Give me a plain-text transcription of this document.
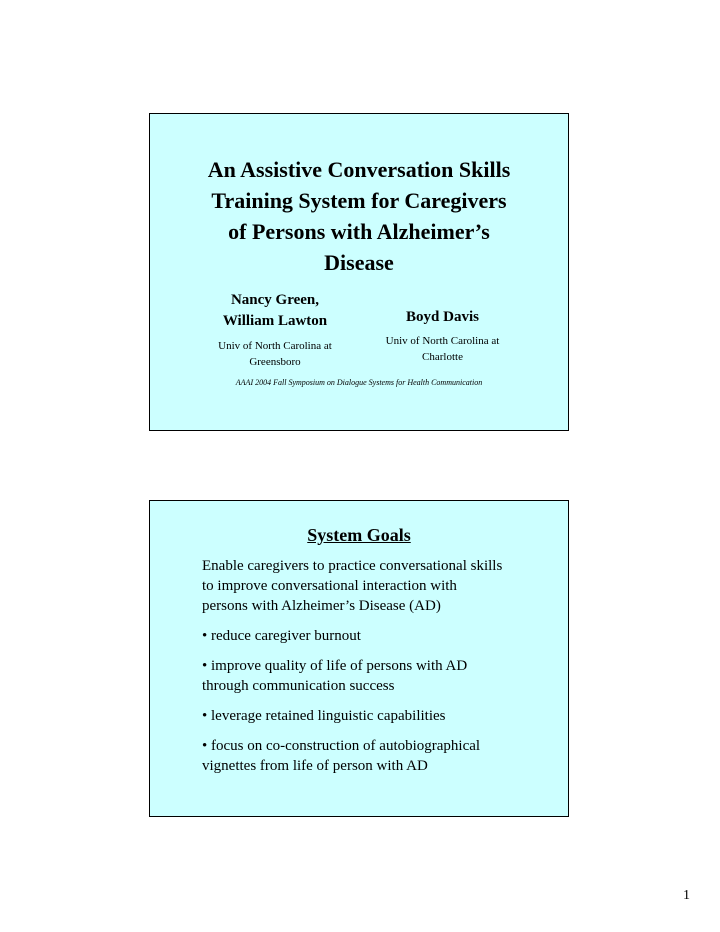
An Assistive Conversation Skills
Training System for Caregivers
of Persons with Alzheimer’s
Disease
Nancy Green,
William Lawton
Univ of North Carolina at
Greensboro
Boyd Davis
Univ of North Carolina at
Charlotte
AAAI 2004 Fall Symposium on Dialogue Systems for Health Communication
System Goals

Enable caregivers to practice conversational skills
to improve conversational interaction with
persons with Alzheimer’s Disease (AD)

• reduce caregiver burnout

• improve quality of life of persons with AD
through communication success

• leverage retained linguistic capabilities

• focus on co-construction of autobiographical
vignettes from life of person with AD

1
